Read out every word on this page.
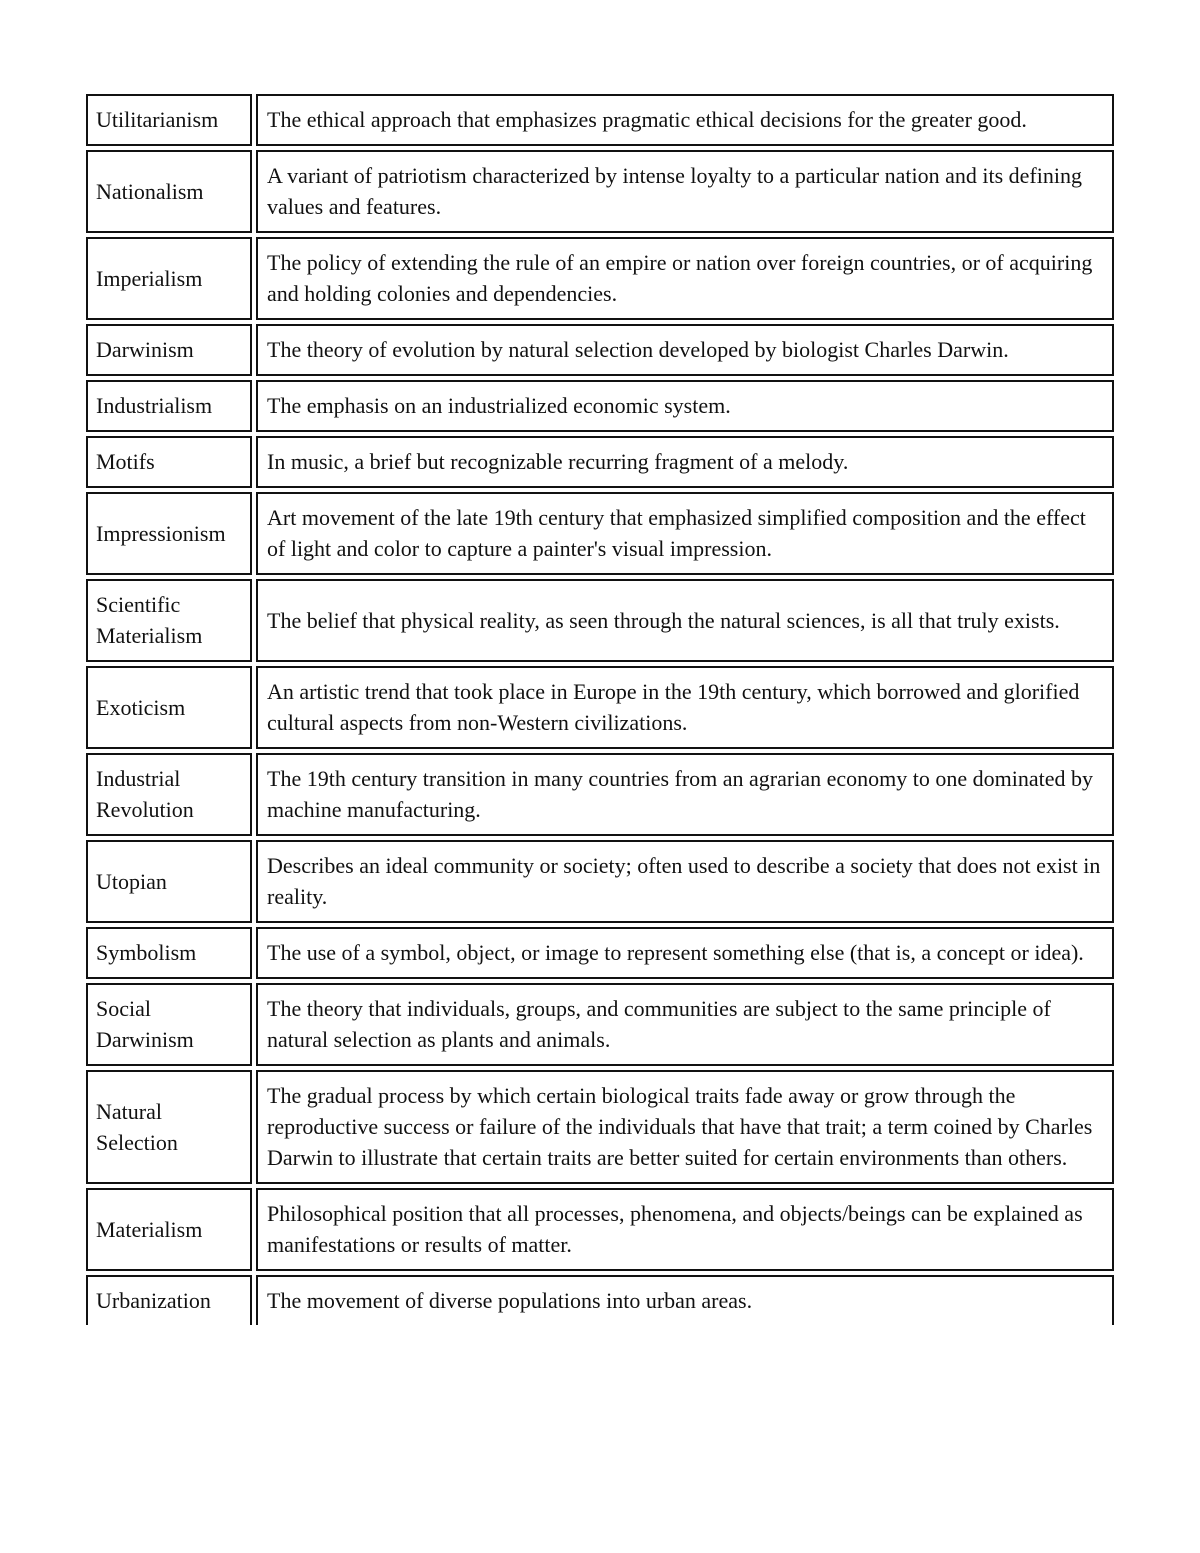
Utilitarianism	The ethical approach that emphasizes pragmatic ethical decisions for the greater good.
Nationalism	A variant of patriotism characterized by intense loyalty to a particular nation and its defining values and features.
Imperialism	The policy of extending the rule of an empire or nation over foreign countries, or of acquiring and holding colonies and dependencies.
Darwinism	The theory of evolution by natural selection developed by biologist Charles Darwin.
Industrialism	The emphasis on an industrialized economic system.
Motifs	In music, a brief but recognizable recurring fragment of a melody.
Impressionism	Art movement of the late 19th century that emphasized simplified composition and the effect of light and color to capture a painter's visual impression.
Scientific Materialism	The belief that physical reality, as seen through the natural sciences, is all that truly exists.
Exoticism	An artistic trend that took place in Europe in the 19th century, which borrowed and glorified cultural aspects from non-Western civilizations.
Industrial Revolution	The 19th century transition in many countries from an agrarian economy to one dominated by machine manufacturing.
Utopian	Describes an ideal community or society; often used to describe a society that does not exist in reality.
Symbolism	The use of a symbol, object, or image to represent something else (that is, a concept or idea).
Social Darwinism	The theory that individuals, groups, and communities are subject to the same principle of natural selection as plants and animals.
Natural Selection	The gradual process by which certain biological traits fade away or grow through the reproductive success or failure of the individuals that have that trait; a term coined by Charles Darwin to illustrate that certain traits are better suited for certain environments than others.
Materialism	Philosophical position that all processes, phenomena, and objects/beings can be explained as manifestations or results of matter.
Urbanization	The movement of diverse populations into urban areas.
